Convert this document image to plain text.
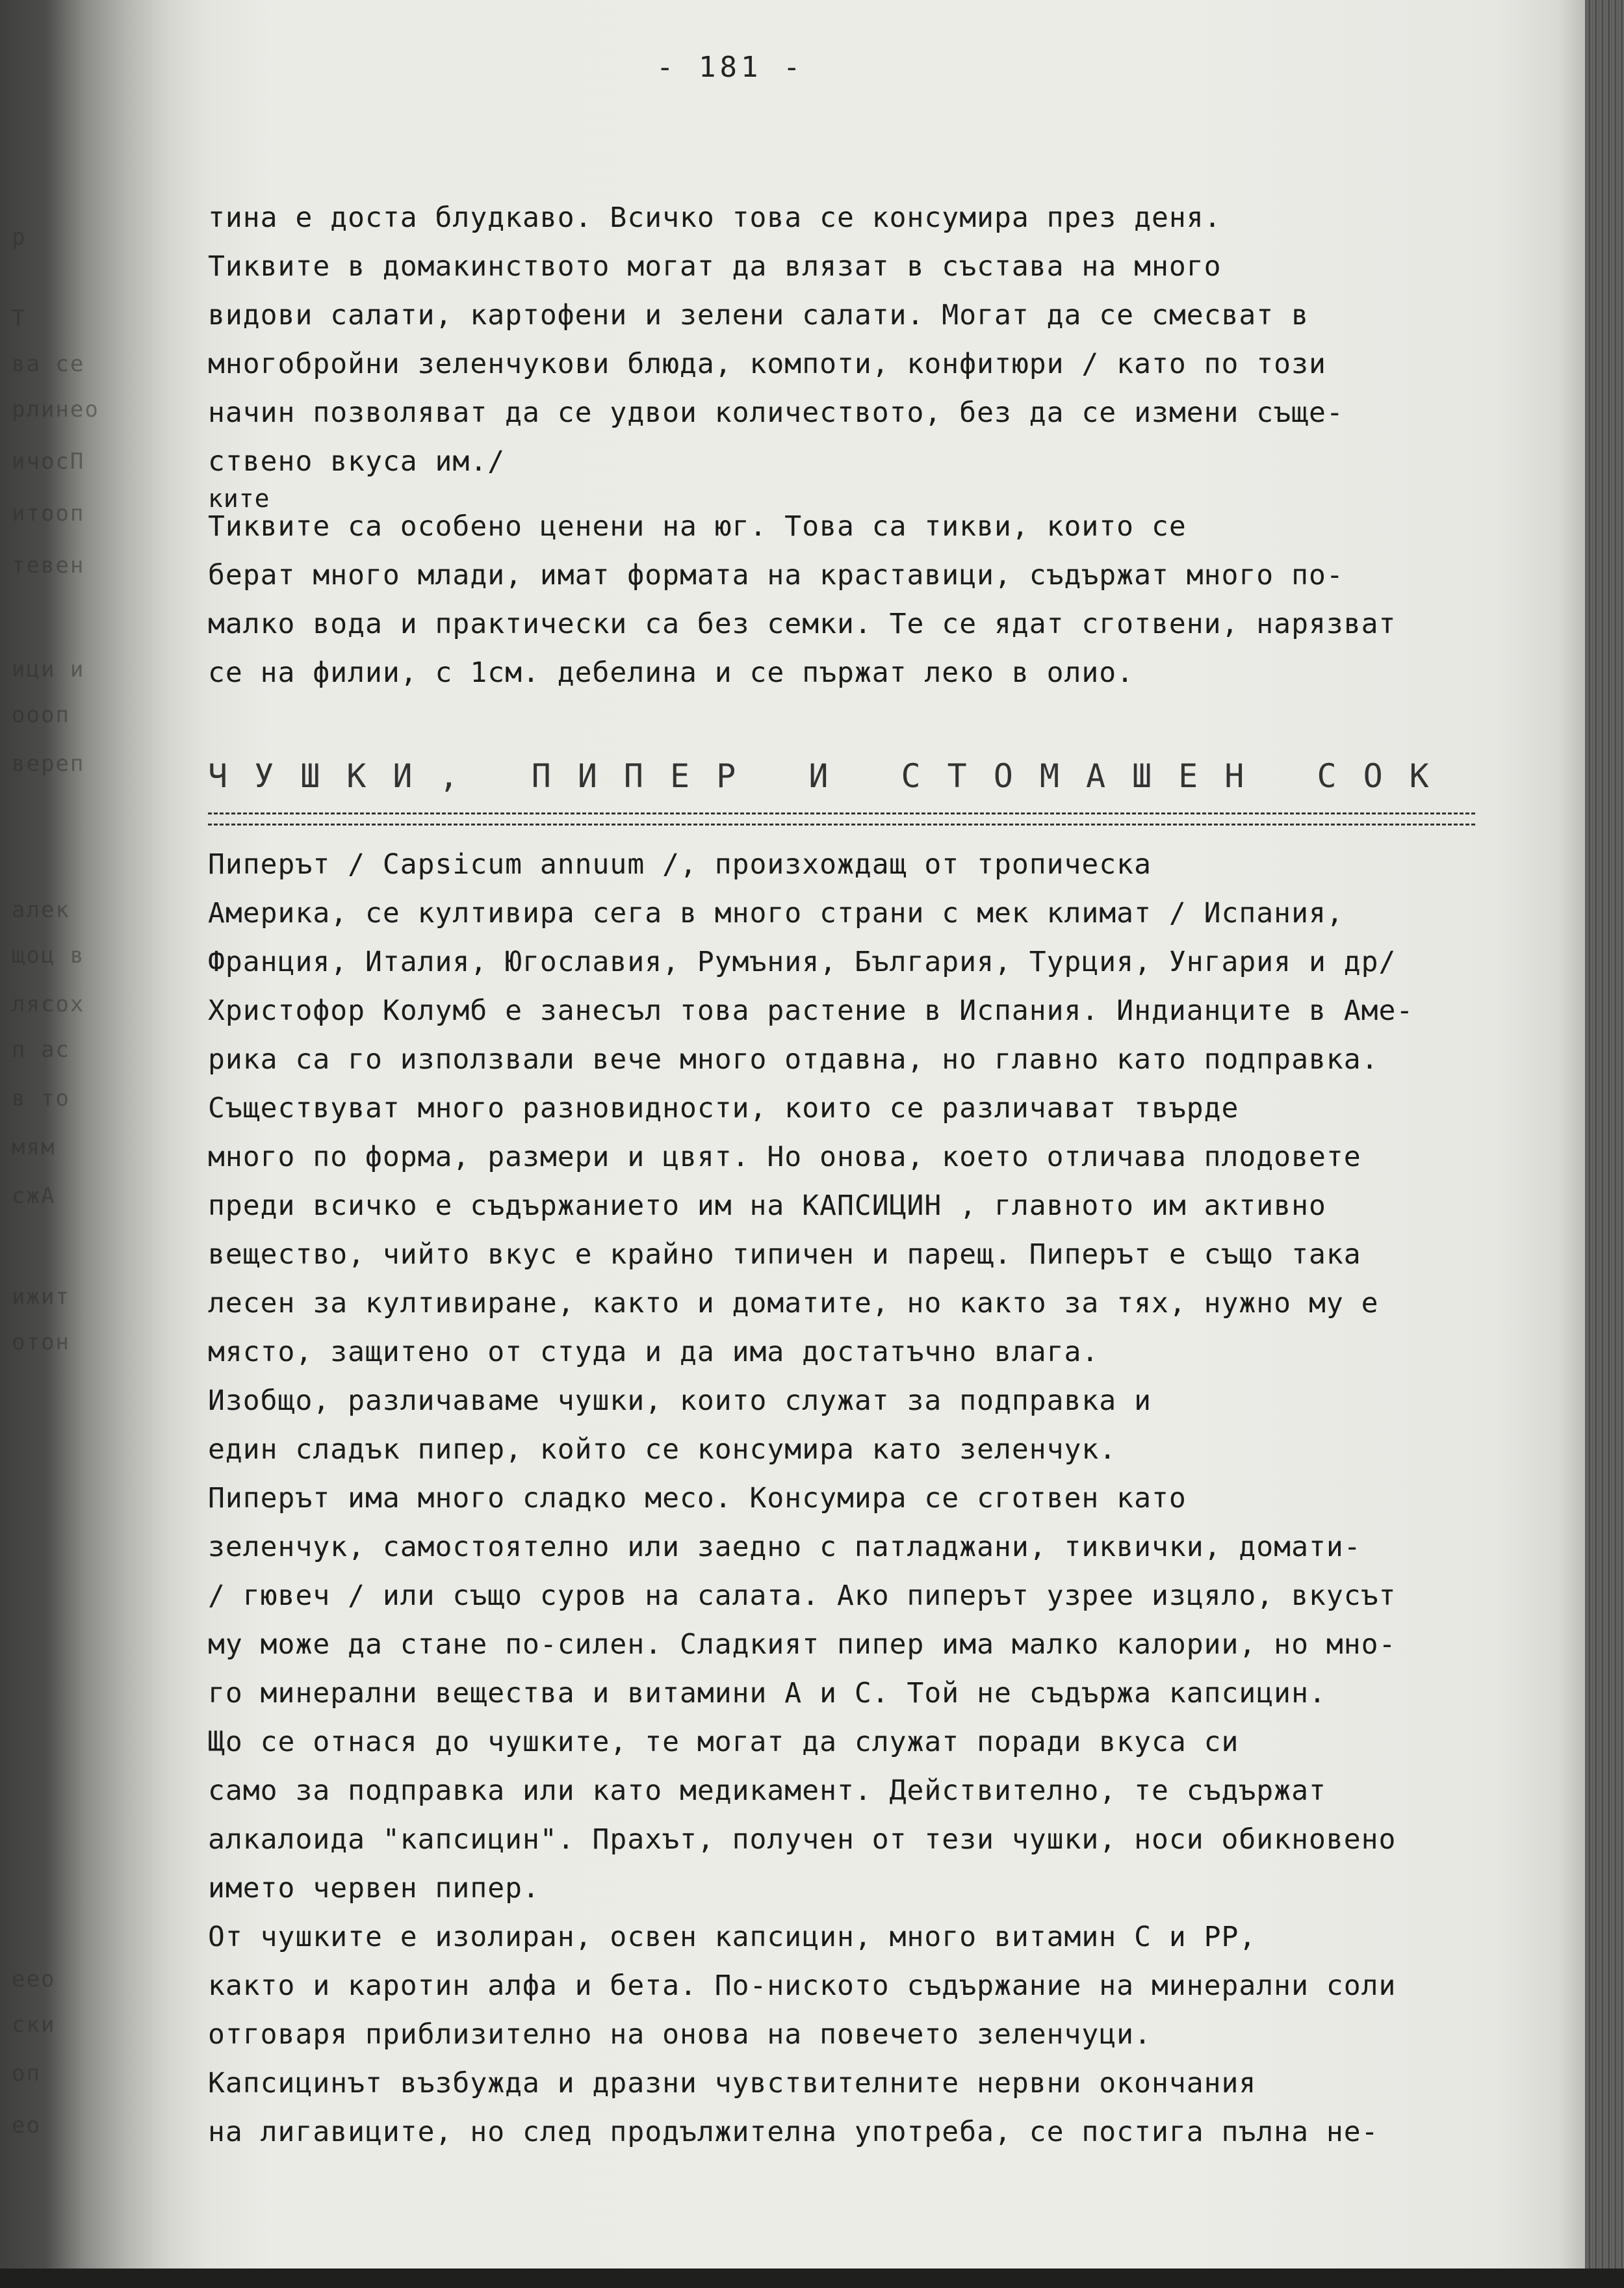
р
Т
ва се
рлинео
ичосП
итооп
тевен
ици и
оооп
вереп
алек
щоц в
лясох
п ас
в то
мям
сжА
ижит
отон
еео
ски
оп
ео
- 181 -
тина е доста блудкаво. Всичко това се консумира през деня.
Тиквите в домакинството могат да влязат в състава на много
видови салати, картофени и зелени салати. Могат да се смесват в
многобройни зеленчукови блюда, компоти, конфитюри / като по този
начин позволяват да се удвои количеството, без да се измени съще-
ствено вкуса им./
ките
Тиквите са особено ценени на юг. Това са тикви, които се
берат много млади, имат формата на краставици, съдържат много по-
малко вода и практически са без семки. Те се ядат сготвени, нарязват
се на филии, с 1см. дебелина и се пържат леко в олио.
ЧУШКИ, ПИПЕР И СТОМАШЕН СОК
Пиперът / Capsicum annuum /, произхождащ от тропическа
Америка, се култивира сега в много страни с мек климат / Испания,
Франция, Италия, Югославия, Румъния, България, Турция, Унгария и др/
Христофор Колумб е занесъл това растение в Испания. Индианците в Аме-
рика са го използвали вече много отдавна, но главно като подправка.
Съществуват много разновидности, които се различават твърде
много по форма, размери и цвят. Но онова, което отличава плодовете
преди всичко е съдържанието им на КАПСИЦИН , главното им активно
вещество, чийто вкус е крайно типичен и парещ. Пиперът е също така
лесен за култивиране, както и доматите, но както за тях, нужно му е
място, защитено от студа и да има достатъчно влага.
Изобщо, различаваме чушки, които служат за подправка и
един сладък пипер, който се консумира като зеленчук.
Пиперът има много сладко месо. Консумира се сготвен като
зеленчук, самостоятелно или заедно с патладжани, тиквички, домати-
/ гювеч / или също суров на салата. Ако пиперът узрее изцяло, вкусът
му може да стане по-силен. Сладкият пипер има малко калории, но мно-
го минерални вещества и витамини А и С. Той не съдържа капсицин.
Що се отнася до чушките, те могат да служат поради вкуса си
само за подправка или като медикамент. Действително, те съдържат
алкалоида "капсицин". Прахът, получен от тези чушки, носи обикновено
името червен пипер.
От чушките е изолиран, освен капсицин, много витамин С и РР,
както и каротин алфа и бета. По-ниското съдържание на минерални соли
отговаря приблизително на онова на повечето зеленчуци.
Капсицинът възбужда и дразни чувствителните нервни окончания
на лигавиците, но след продължителна употреба, се постига пълна не-
